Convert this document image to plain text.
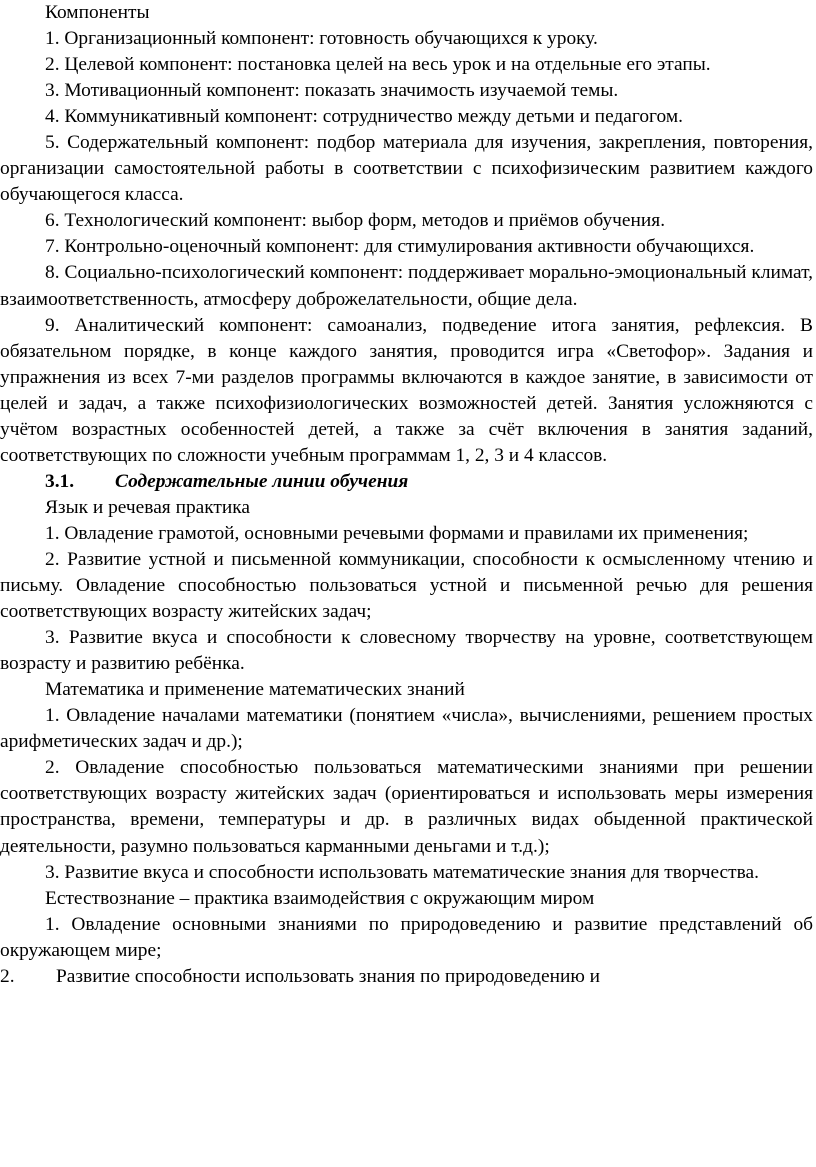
Компоненты

1. Организационный компонент: готовность обучающихся к уроку.

2. Целевой компонент: постановка целей на весь урок и на отдельные его этапы.

3. Мотивационный компонент: показать значимость изучаемой темы.

4. Коммуникативный компонент: сотрудничество между детьми и педагогом.

5. Содержательный компонент: подбор материала для изучения, закрепления, повторения, организации самостоятельной работы в соответствии с психофизическим развитием каждого обучающегося класса.

6. Технологический компонент: выбор форм, методов и приёмов обучения.

7. Контрольно-оценочный компонент: для стимулирования активности обучающихся.

8. Социально-психологический компонент: поддерживает морально-эмоциональный климат, взаимоответственность, атмосферу доброжелательности, общие дела.

9. Аналитический компонент: самоанализ, подведение итога занятия, рефлексия. В обязательном порядке, в конце каждого занятия, проводится игра «Светофор». Задания и упражнения из всех 7-ми разделов программы включаются в каждое занятие, в зависимости от целей и задач, а также психофизиологических возможностей детей. Занятия усложняются с учётом возрастных особенностей детей, а также за счёт включения в занятия заданий, соответствующих по сложности учебным программам 1, 2, 3 и 4 классов.

3.1. Содержательные линии обучения

Язык и речевая практика

1. Овладение грамотой, основными речевыми формами и правилами их применения;

2. Развитие устной и письменной коммуникации, способности к осмысленному чтению и письму. Овладение способностью пользоваться устной и письменной речью для решения соответствующих возрасту житейских задач;

3. Развитие вкуса и способности к словесному творчеству на уровне, соответствующем возрасту и развитию ребёнка.

Математика и применение математических знаний

1. Овладение началами математики (понятием «числа», вычислениями, решением простых арифметических задач и др.);

2. Овладение способностью пользоваться математическими знаниями при решении соответствующих возрасту житейских задач (ориентироваться и использовать меры измерения пространства, времени, температуры и др. в различных видах обыденной практической деятельности, разумно пользоваться карманными деньгами и т.д.);

3. Развитие вкуса и способности использовать математические знания для творчества.

Естествознание – практика взаимодействия с окружающим миром

1. Овладение основными знаниями по природоведению и развитие представлений об окружающем мире;

2. Развитие способности использовать знания по природоведению и
